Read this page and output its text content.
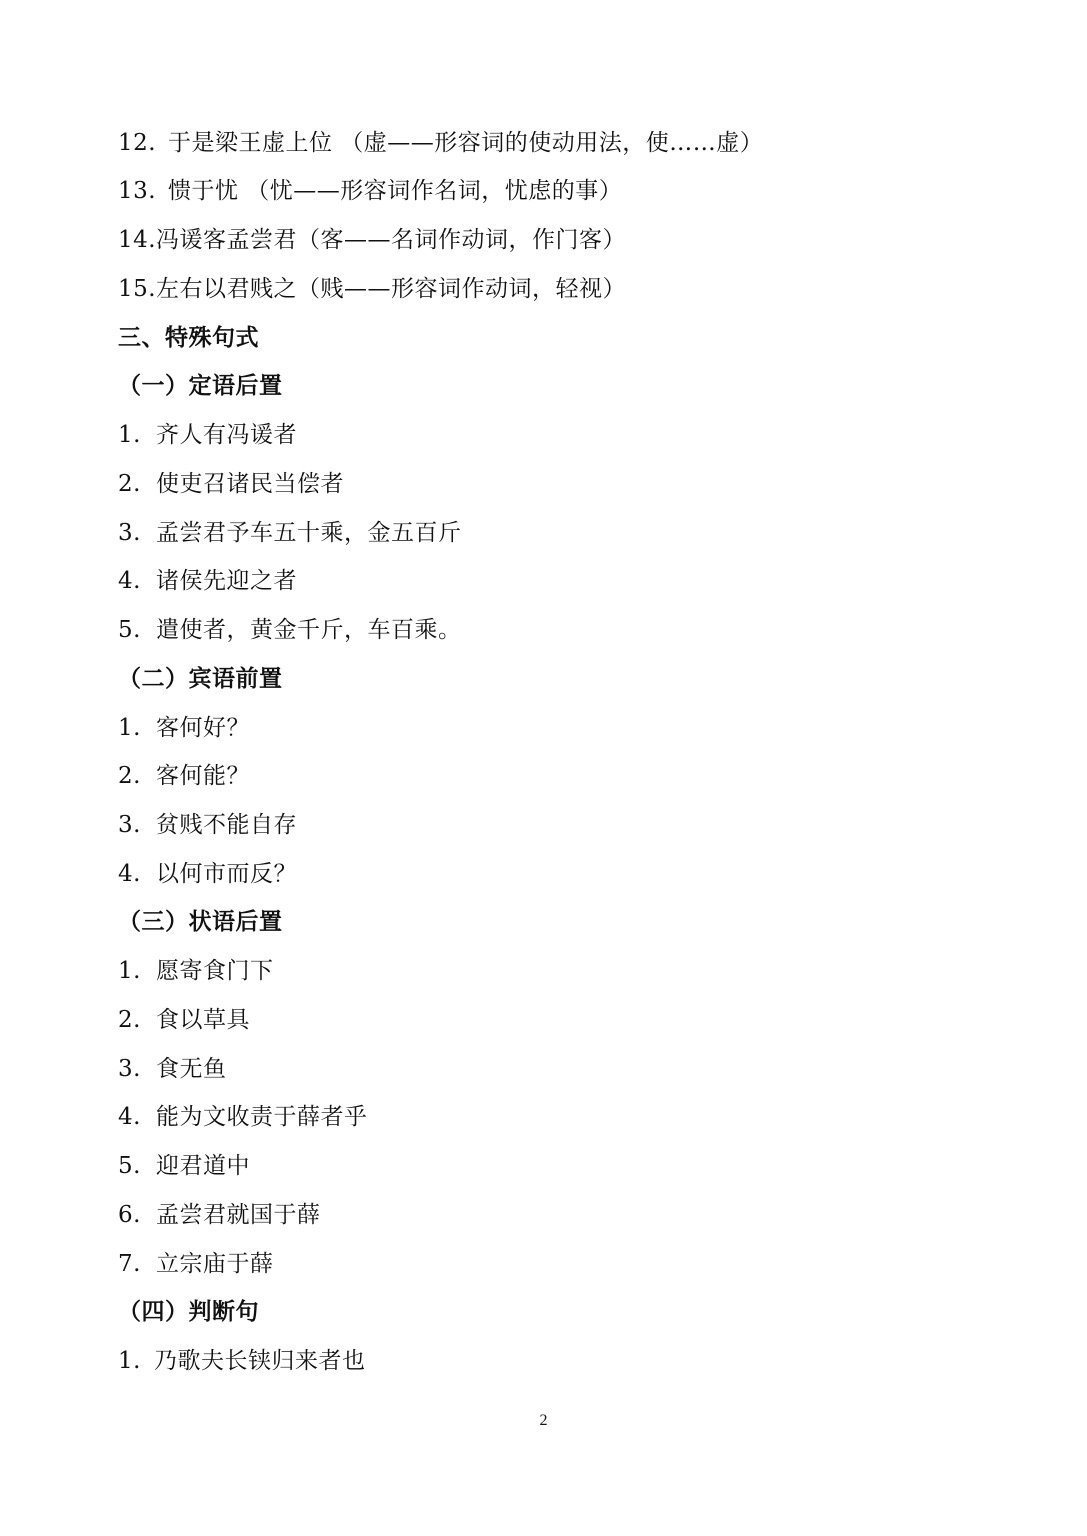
12. 于是梁王虚上位 （虚——形容词的使动用法，使……虚）
13. 愦于忧 （忧——形容词作名词，忧虑的事）
14.冯谖客孟尝君（客——名词作动词，作门客）
15.左右以君贱之（贱——形容词作动词，轻视）
三、特殊句式
（一）定语后置
1. 齐人有冯谖者
2. 使吏召诸民当偿者
3. 孟尝君予车五十乘，金五百斤
4. 诸侯先迎之者
5. 遣使者，黄金千斤，车百乘。
（二）宾语前置
1. 客何好？
2. 客何能？
3. 贫贱不能自存
4. 以何市而反？
（三）状语后置
1. 愿寄食门下
2. 食以草具
3. 食无鱼
4. 能为文收责于薛者乎
5. 迎君道中
6. 孟尝君就国于薛
7. 立宗庙于薛
（四）判断句
1. 乃歌夫长铗归来者也
2
